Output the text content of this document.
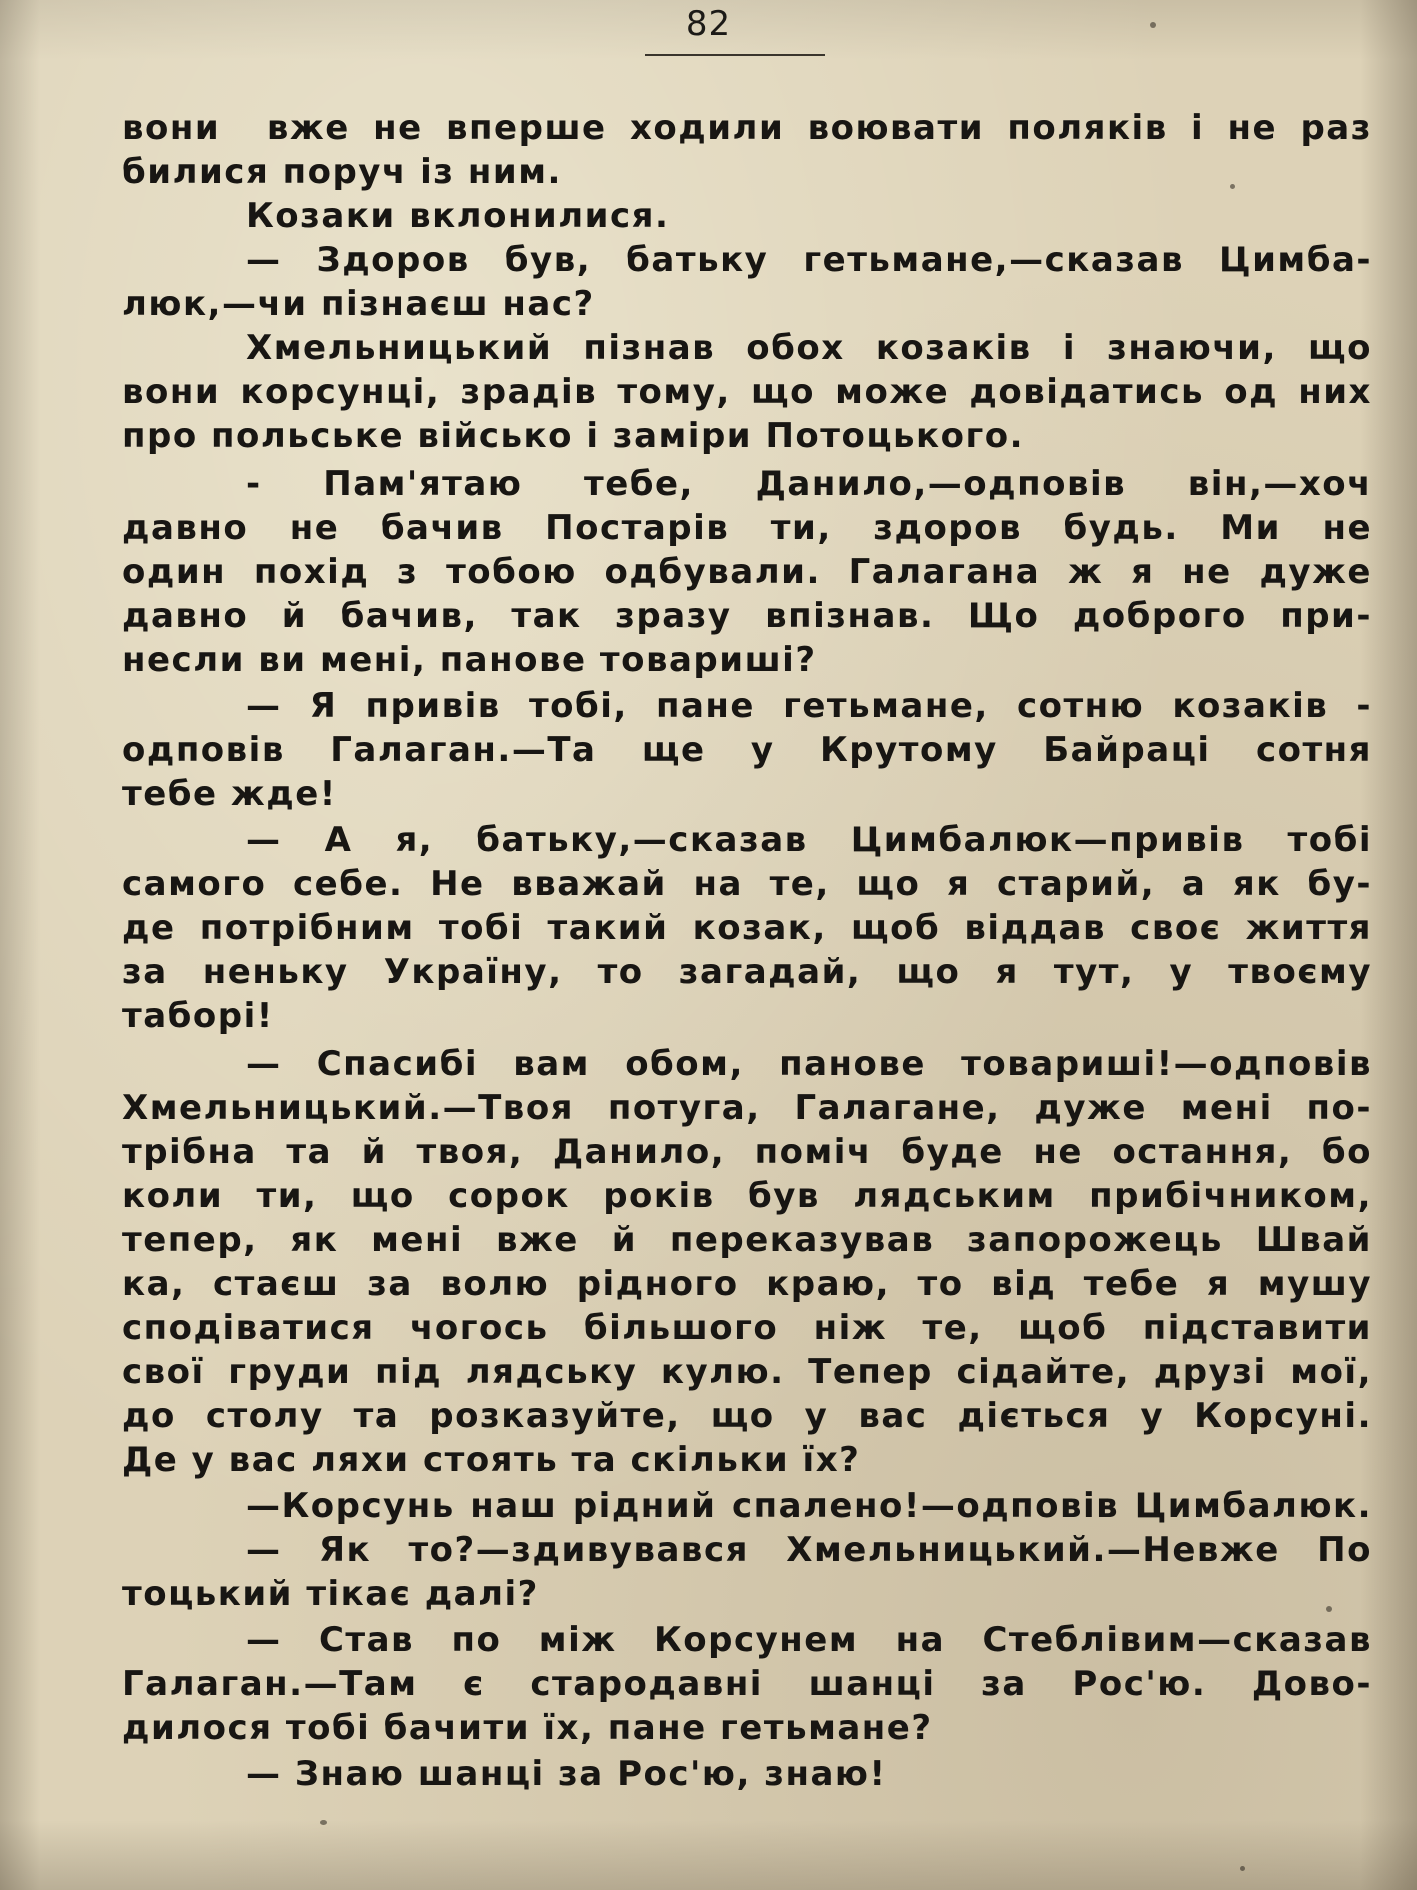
82
вони  вже не вперше ходили воювати поляків і не раз
билися поруч із ним.
Козаки вклонилися.
— Здоров був, батьку гетьмане,—сказав Цимба-
люк,—чи пізнаєш нас?
Хмельницький пізнав обох козаків і знаючи, що
вони корсунці, зрадів тому, що може довідатись од них
про польське військо і заміри Потоцького.
- Пам'ятаю тебе, Данило,—одповів він,—хоч
давно не бачив Постарів ти, здоров будь. Ми не
один похід з тобою одбували. Галагана ж я не дуже
давно й бачив, так зразу впізнав. Що доброго при-
несли ви мені, панове товариші?
— Я привів тобі, пане гетьмане, сотню козаків -
одповів Галаган.—Та ще у Крутому Байраці сотня
тебе жде!
— А я, батьку,—сказав Цимбалюк—привів тобі
самого себе. Не вважай на те, що я старий, а як бу-
де потрібним тобі такий козак, щоб віддав своє життя
за неньку Україну, то загадай, що я тут, у твоєму
таборі!
— Спасибі вам обом, панове товариші!—одповів
Хмельницький.—Твоя потуга, Галагане, дуже мені по-
трібна та й твоя, Данило, поміч буде не остання, бо
коли ти, що сорок років був лядським прибічником,
тепер, як мені вже й переказував запорожець Швай
ка, стаєш за волю рідного краю, то від тебе я мушу
сподіватися чогось більшого ніж те, щоб підставити
свої груди під лядську кулю. Тепер сідайте, друзі мої,
до столу та розказуйте, що у вас діється у Корсуні.
Де у вас ляхи стоять та скільки їх?
—Корсунь наш рідний спалено!—одповів Цимбалюк.
— Як то?—здивувався Хмельницький.—Невже По
тоцький тікає далі?
— Став по між Корсунем на Стеблівим—сказав
Галаган.—Там є стародавні шанці за Рос'ю. Дово-
дилося тобі бачити їх, пане гетьмане?
— Знаю шанці за Рос'ю, знаю!
